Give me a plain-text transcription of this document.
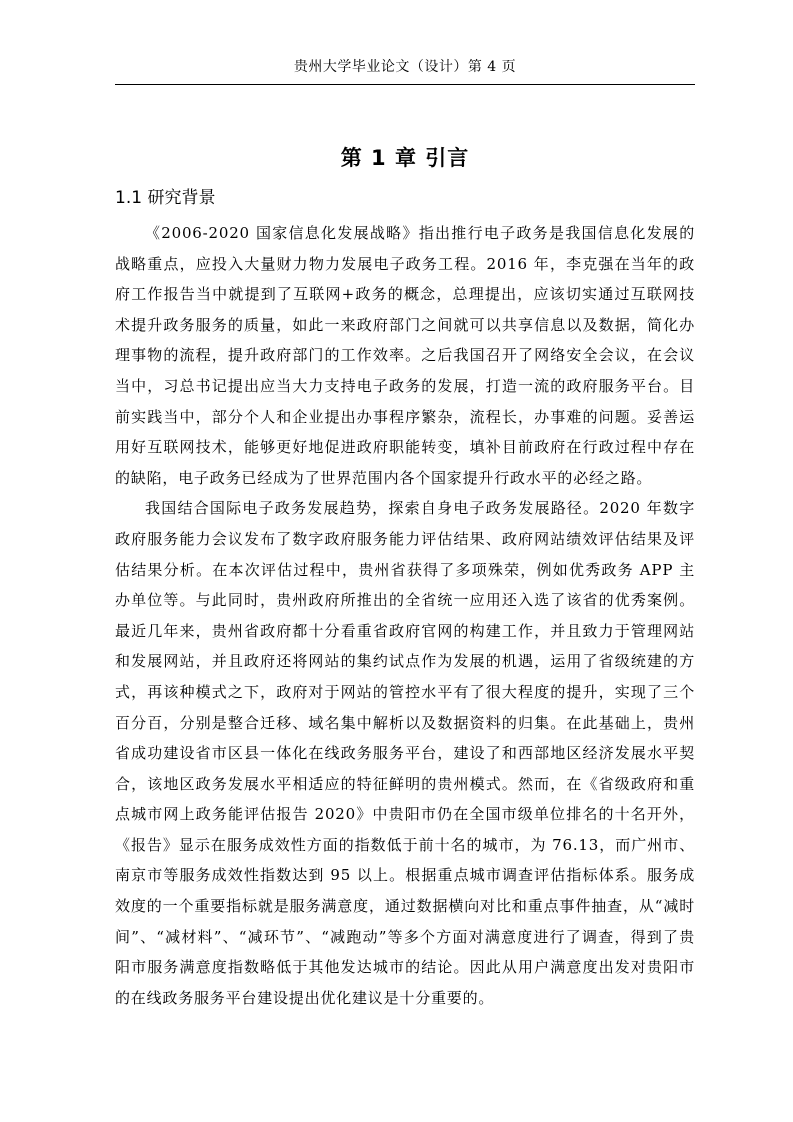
贵州大学毕业论文（设计）第 4 页
第 1 章 引言
1.1 研究背景

《2006-2020 国家信息化发展战略》指出推行电子政务是我国信息化发展的战略重点，应投入大量财力物力发展电子政务工程。2016 年，李克强在当年的政府工作报告当中就提到了互联网+政务的概念，总理提出，应该切实通过互联网技术提升政务服务的质量，如此一来政府部门之间就可以共享信息以及数据，简化办理事物的流程，提升政府部门的工作效率。之后我国召开了网络安全会议，在会议当中，习总书记提出应当大力支持电子政务的发展，打造一流的政府服务平台。目前实践当中，部分个人和企业提出办事程序繁杂，流程长，办事难的问题。妥善运用好互联网技术，能够更好地促进政府职能转变，填补目前政府在行政过程中存在的缺陷，电子政务已经成为了世界范围内各个国家提升行政水平的必经之路。

我国结合国际电子政务发展趋势，探索自身电子政务发展路径。2020 年数字政府服务能力会议发布了数字政府服务能力评估结果、政府网站绩效评估结果及评估结果分析。在本次评估过程中，贵州省获得了多项殊荣，例如优秀政务 APP 主办单位等。与此同时，贵州政府所推出的全省统一应用还入选了该省的优秀案例。最近几年来，贵州省政府都十分看重省政府官网的构建工作，并且致力于管理网站和发展网站，并且政府还将网站的集约试点作为发展的机遇，运用了省级统建的方式，再该种模式之下，政府对于网站的管控水平有了很大程度的提升，实现了三个百分百，分别是整合迁移、域名集中解析以及数据资料的归集。在此基础上，贵州省成功建设省市区县一体化在线政务服务平台，建设了和西部地区经济发展水平契合，该地区政务发展水平相适应的特征鲜明的贵州模式。然而，在《省级政府和重点城市网上政务能评估报告 2020》中贵阳市仍在全国市级单位排名的十名开外，《报告》显示在服务成效性方面的指数低于前十名的城市，为 76.13，而广州市、南京市等服务成效性指数达到 95 以上。根据重点城市调查评估指标体系。服务成效度的一个重要指标就是服务满意度，通过数据横向对比和重点事件抽查，从“减时间”、“减材料”、“减环节”、“减跑动”等多个方面对满意度进行了调查，得到了贵阳市服务满意度指数略低于其他发达城市的结论。因此从用户满意度出发对贵阳市的在线政务服务平台建设提出优化建议是十分重要的。
